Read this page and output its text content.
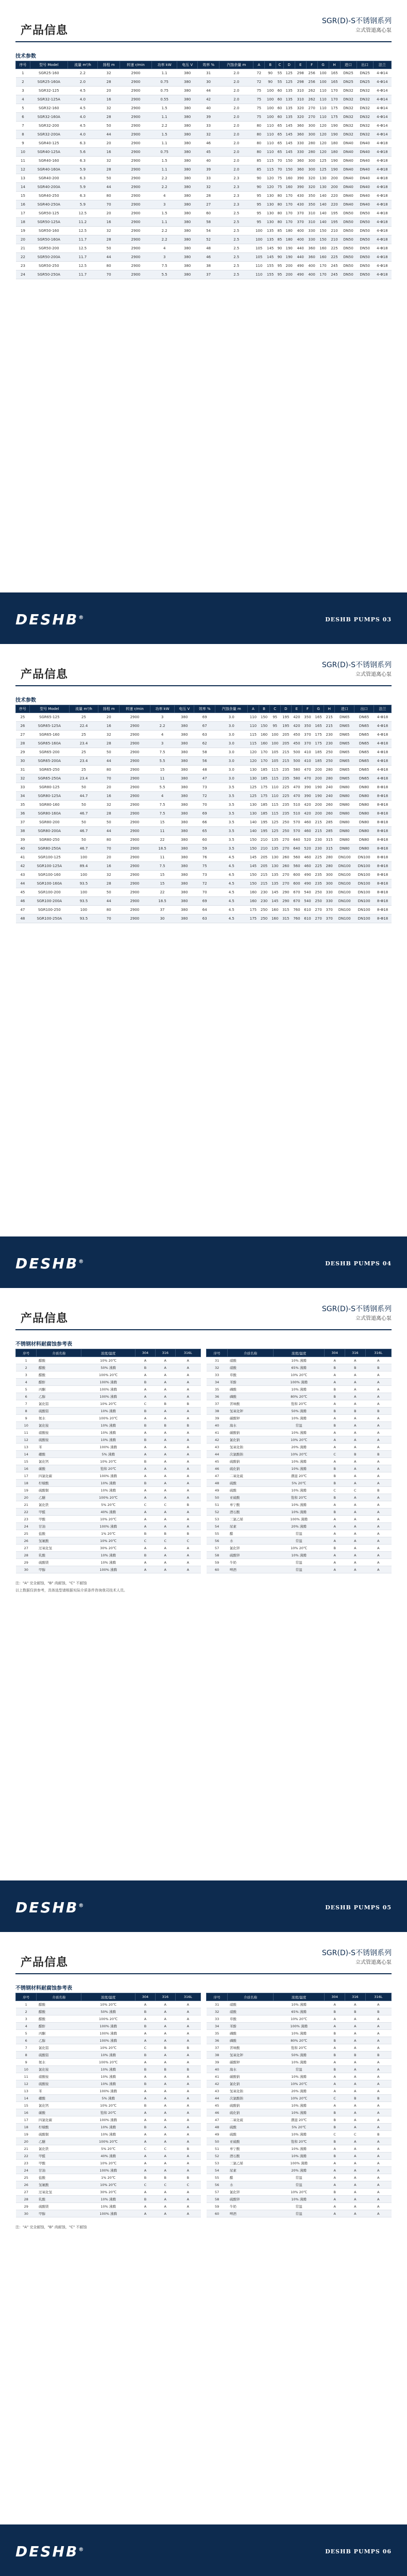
产品信息
SGR(D)-S不锈钢系列
立式管道离心泵
技术参数
序号	型号 Model	流量 m³/h	扬程 m	转速 r/min	功率 kW	电压 V	效率 %	汽蚀余量 m	A	B	C	D	E	F	G	H	进口	出口	法兰
1	SGR25-160	2.2	32	2900	1.1	380	31	2.0	72	90	55	125	298	256	100	165	DN25	DN25	4-Φ14
2	SGR25-160A	2.0	28	2900	0.75	380	30	2.0	72	90	55	125	298	256	100	165	DN25	DN25	4-Φ14
3	SGR32-125	4.5	20	2900	0.75	380	44	2.0	75	100	60	135	310	262	110	170	DN32	DN32	4-Φ14
4	SGR32-125A	4.0	16	2900	0.55	380	42	2.0	75	100	60	135	310	262	110	170	DN32	DN32	4-Φ14
5	SGR32-160	4.5	32	2900	1.5	380	40	2.0	75	100	60	135	320	270	110	175	DN32	DN32	4-Φ14
6	SGR32-160A	4.0	28	2900	1.1	380	39	2.0	75	100	60	135	320	270	110	175	DN32	DN32	4-Φ14
7	SGR32-200	4.5	50	2900	2.2	380	33	2.0	80	110	65	145	360	300	120	190	DN32	DN32	4-Φ14
8	SGR32-200A	4.0	44	2900	1.5	380	32	2.0	80	110	65	145	360	300	120	190	DN32	DN32	4-Φ14
9	SGR40-125	6.3	20	2900	1.1	380	46	2.0	80	110	65	145	330	280	120	180	DN40	DN40	4-Φ18
10	SGR40-125A	5.6	16	2900	0.75	380	45	2.0	80	110	65	145	330	280	120	180	DN40	DN40	4-Φ18
11	SGR40-160	6.3	32	2900	1.5	380	40	2.0	85	115	70	150	360	300	125	190	DN40	DN40	4-Φ18
12	SGR40-160A	5.9	28	2900	1.1	380	39	2.0	85	115	70	150	360	300	125	190	DN40	DN40	4-Φ18
13	SGR40-200	6.3	50	2900	2.2	380	33	2.3	90	120	75	160	390	320	130	200	DN40	DN40	4-Φ18
14	SGR40-200A	5.9	44	2900	2.2	380	32	2.3	90	120	75	160	390	320	130	200	DN40	DN40	4-Φ18
15	SGR40-250	6.3	80	2900	4	380	28	2.3	95	130	80	170	430	350	140	220	DN40	DN40	4-Φ18
16	SGR40-250A	5.9	70	2900	3	380	27	2.3	95	130	80	170	430	350	140	220	DN40	DN40	4-Φ18
17	SGR50-125	12.5	20	2900	1.5	380	60	2.5	95	130	80	170	370	310	140	195	DN50	DN50	4-Φ18
18	SGR50-125A	11.2	16	2900	1.1	380	58	2.5	95	130	80	170	370	310	140	195	DN50	DN50	4-Φ18
19	SGR50-160	12.5	32	2900	2.2	380	54	2.5	100	135	85	180	400	330	150	210	DN50	DN50	4-Φ18
20	SGR50-160A	11.7	28	2900	2.2	380	52	2.5	100	135	85	180	400	330	150	210	DN50	DN50	4-Φ18
21	SGR50-200	12.5	50	2900	4	380	48	2.5	105	145	90	190	440	360	160	225	DN50	DN50	4-Φ18
22	SGR50-200A	11.7	44	2900	3	380	46	2.5	105	145	90	190	440	360	160	225	DN50	DN50	4-Φ18
23	SGR50-250	12.5	80	2900	7.5	380	38	2.5	110	155	95	200	490	400	170	245	DN50	DN50	4-Φ18
24	SGR50-250A	11.7	70	2900	5.5	380	37	2.5	110	155	95	200	490	400	170	245	DN50	DN50	4-Φ18
DESHB®	DESHB PUMPS 03
产品信息
SGR(D)-S不锈钢系列
立式管道离心泵
技术参数
序号	型号 Model	流量 m³/h	扬程 m	转速 r/min	功率 kW	电压 V	效率 %	汽蚀余量 m	A	B	C	D	E	F	G	H	进口	出口	法兰
25	SGR65-125	25	20	2900	3	380	69	3.0	110	150	95	195	420	350	165	215	DN65	DN65	4-Φ18
26	SGR65-125A	22.4	16	2900	2.2	380	67	3.0	110	150	95	195	420	350	165	215	DN65	DN65	4-Φ18
27	SGR65-160	25	32	2900	4	380	63	3.0	115	160	100	205	450	370	175	230	DN65	DN65	4-Φ18
28	SGR65-160A	23.4	28	2900	3	380	62	3.0	115	160	100	205	450	370	175	230	DN65	DN65	4-Φ18
29	SGR65-200	25	50	2900	7.5	380	58	3.0	120	170	105	215	500	410	185	250	DN65	DN65	4-Φ18
30	SGR65-200A	23.4	44	2900	5.5	380	56	3.0	120	170	105	215	500	410	185	250	DN65	DN65	4-Φ18
31	SGR65-250	25	80	2900	15	380	48	3.0	130	185	115	235	580	470	200	280	DN65	DN65	4-Φ18
32	SGR65-250A	23.4	70	2900	11	380	47	3.0	130	185	115	235	580	470	200	280	DN65	DN65	4-Φ18
33	SGR80-125	50	20	2900	5.5	380	73	3.5	125	175	110	225	470	390	190	240	DN80	DN80	8-Φ18
34	SGR80-125A	44.7	16	2900	4	380	72	3.5	125	175	110	225	470	390	190	240	DN80	DN80	8-Φ18
35	SGR80-160	50	32	2900	7.5	380	70	3.5	130	185	115	235	510	420	200	260	DN80	DN80	8-Φ18
36	SGR80-160A	46.7	28	2900	7.5	380	69	3.5	130	185	115	235	510	420	200	260	DN80	DN80	8-Φ18
37	SGR80-200	50	50	2900	15	380	66	3.5	140	195	125	250	570	460	215	285	DN80	DN80	8-Φ18
38	SGR80-200A	46.7	44	2900	11	380	65	3.5	140	195	125	250	570	460	215	285	DN80	DN80	8-Φ18
39	SGR80-250	50	80	2900	22	380	60	3.5	150	210	135	270	640	520	230	315	DN80	DN80	8-Φ18
40	SGR80-250A	46.7	70	2900	18.5	380	59	3.5	150	210	135	270	640	520	230	315	DN80	DN80	8-Φ18
41	SGR100-125	100	20	2900	11	380	76	4.5	145	205	130	260	560	460	225	280	DN100	DN100	8-Φ18
42	SGR100-125A	89.4	16	2900	7.5	380	75	4.5	145	205	130	260	560	460	225	280	DN100	DN100	8-Φ18
43	SGR100-160	100	32	2900	15	380	73	4.5	150	215	135	270	600	490	235	300	DN100	DN100	8-Φ18
44	SGR100-160A	93.5	28	2900	15	380	72	4.5	150	215	135	270	600	490	235	300	DN100	DN100	8-Φ18
45	SGR100-200	100	50	2900	22	380	70	4.5	160	230	145	290	670	540	250	330	DN100	DN100	8-Φ18
46	SGR100-200A	93.5	44	2900	18.5	380	69	4.5	160	230	145	290	670	540	250	330	DN100	DN100	8-Φ18
47	SGR100-250	100	80	2900	37	380	64	4.5	175	250	160	315	760	610	270	370	DN100	DN100	8-Φ18
48	SGR100-250A	93.5	70	2900	30	380	63	4.5	175	250	160	315	760	610	270	370	DN100	DN100	8-Φ18
DESHB®	DESHB PUMPS 04
产品信息
SGR(D)-S不锈钢系列
立式管道离心泵
不锈钢材料耐腐蚀参考表
序号	介质名称	浓度/温度	304	316	316L
1	醋酸	10% 20℃	A	A	A
2	醋酸	50% 沸腾	B	A	A
3	醋酸	100% 20℃	A	A	A
4	醋酐	100% 沸腾	B	A	A
5	丙酮	100% 沸腾	A	A	A
6	乙醇	100% 沸腾	A	A	A
7	氯化铝	10% 20℃	C	B	B
8	硫酸铝	10% 沸腾	B	A	A
9	氨水	100% 20℃	A	A	A
10	氯化铵	10% 沸腾	B	B	B
11	硝酸铵	10% 沸腾	A	A	A
12	硫酸铵	10% 沸腾	B	A	A
13	苯	100% 沸腾	A	A	A
14	硼酸	5% 沸腾	A	A	A
15	氯化钙	10% 20℃	B	A	A
16	碳酸	饱和 20℃	A	A	A
17	四氯化碳	100% 沸腾	A	A	A
18	柠檬酸	10% 沸腾	B	A	A
19	硫酸铜	10% 沸腾	A	A	A
20	乙醚	100% 20℃	A	A	A
21	氯化铁	5% 20℃	C	C	B
22	甲醛	40% 沸腾	A	A	A
23	甲酸	10% 20℃	A	A	A
24	甘油	100% 沸腾	A	A	A
25	盐酸	1% 20℃	B	B	B
26	氢氟酸	10% 20℃	C	C	C
27	过氧化氢	30% 20℃	A	A	A
28	乳酸	10% 沸腾	B	A	A
29	硫酸镁	10% 沸腾	A	A	A
30	甲醇	100% 沸腾	A	A	A
序号	介质名称	浓度/温度	304	316	316L
31	硝酸	10% 沸腾	A	A	A
32	硝酸	65% 沸腾	B	B	B
33	草酸	10% 20℃	A	A	A
34	苯酚	100% 沸腾	A	A	A
35	磷酸	10% 沸腾	B	A	A
36	磷酸	80% 20℃	B	A	A
37	苦味酸	饱和 20℃	A	A	A
38	氢氧化钾	50% 沸腾	B	B	B
39	碳酸钾	10% 沸腾	A	A	A
40	海水	常温	B	A	A
41	碳酸钠	10% 沸腾	A	A	A
42	氯化钠	10% 20℃	A	A	A
43	氢氧化钠	20% 沸腾	A	A	A
44	次氯酸钠	10% 20℃	C	B	B
45	硫酸钠	10% 沸腾	A	A	A
46	硫化钠	10% 沸腾	B	A	A
47	二氧化硫	潮湿 20℃	B	A	A
48	硫酸	5% 20℃	B	A	A
49	硫酸	10% 沸腾	C	C	B
50	亚硫酸	饱和 20℃	B	A	A
51	单宁酸	10% 沸腾	A	A	A
52	酒石酸	10% 沸腾	B	A	A
53	三氯乙烯	100% 沸腾	A	A	A
54	尿素	20% 沸腾	A	A	A
55	醋	常温	A	A	A
56	水	常温	A	A	A
57	氯化锌	10% 20℃	B	A	A
58	硫酸锌	10% 沸腾	A	A	A
59	牛奶	常温	A	A	A
60	啤酒	常温	A	A	A
注："A" 完全耐蚀，"B" 尚耐蚀，"C" 不耐蚀
以上数据仅供参考，具体选型请根据实际介质条件咨询我司技术人员。
DESHB®	DESHB PUMPS 05
产品信息
SGR(D)-S不锈钢系列
立式管道离心泵
不锈钢材料耐腐蚀参考表
序号	介质名称	浓度/温度	304	316	316L
1	醋酸	10% 20℃	A	A	A
2	醋酸	50% 沸腾	B	A	A
3	醋酸	100% 20℃	A	A	A
4	醋酐	100% 沸腾	B	A	A
5	丙酮	100% 沸腾	A	A	A
6	乙醇	100% 沸腾	A	A	A
7	氯化铝	10% 20℃	C	B	B
8	硫酸铝	10% 沸腾	B	A	A
9	氨水	100% 20℃	A	A	A
10	氯化铵	10% 沸腾	B	B	B
11	硝酸铵	10% 沸腾	A	A	A
12	硫酸铵	10% 沸腾	B	A	A
13	苯	100% 沸腾	A	A	A
14	硼酸	5% 沸腾	A	A	A
15	氯化钙	10% 20℃	B	A	A
16	碳酸	饱和 20℃	A	A	A
17	四氯化碳	100% 沸腾	A	A	A
18	柠檬酸	10% 沸腾	B	A	A
19	硫酸铜	10% 沸腾	A	A	A
20	乙醚	100% 20℃	A	A	A
21	氯化铁	5% 20℃	C	C	B
22	甲醛	40% 沸腾	A	A	A
23	甲酸	10% 20℃	A	A	A
24	甘油	100% 沸腾	A	A	A
25	盐酸	1% 20℃	B	B	B
26	氢氟酸	10% 20℃	C	C	C
27	过氧化氢	30% 20℃	A	A	A
28	乳酸	10% 沸腾	B	A	A
29	硫酸镁	10% 沸腾	A	A	A
30	甲醇	100% 沸腾	A	A	A
序号	介质名称	浓度/温度	304	316	316L
31	硝酸	10% 沸腾	A	A	A
32	硝酸	65% 沸腾	B	B	B
33	草酸	10% 20℃	A	A	A
34	苯酚	100% 沸腾	A	A	A
35	磷酸	10% 沸腾	B	A	A
36	磷酸	80% 20℃	B	A	A
37	苦味酸	饱和 20℃	A	A	A
38	氢氧化钾	50% 沸腾	B	B	B
39	碳酸钾	10% 沸腾	A	A	A
40	海水	常温	B	A	A
41	碳酸钠	10% 沸腾	A	A	A
42	氯化钠	10% 20℃	A	A	A
43	氢氧化钠	20% 沸腾	A	A	A
44	次氯酸钠	10% 20℃	C	B	B
45	硫酸钠	10% 沸腾	A	A	A
46	硫化钠	10% 沸腾	B	A	A
47	二氧化硫	潮湿 20℃	B	A	A
48	硫酸	5% 20℃	B	A	A
49	硫酸	10% 沸腾	C	C	B
50	亚硫酸	饱和 20℃	B	A	A
51	单宁酸	10% 沸腾	A	A	A
52	酒石酸	10% 沸腾	B	A	A
53	三氯乙烯	100% 沸腾	A	A	A
54	尿素	20% 沸腾	A	A	A
55	醋	常温	A	A	A
56	水	常温	A	A	A
57	氯化锌	10% 20℃	B	A	A
58	硫酸锌	10% 沸腾	A	A	A
59	牛奶	常温	A	A	A
60	啤酒	常温	A	A	A
注："A" 完全耐蚀，"B" 尚耐蚀，"C" 不耐蚀
DESHB®	DESHB PUMPS 06
